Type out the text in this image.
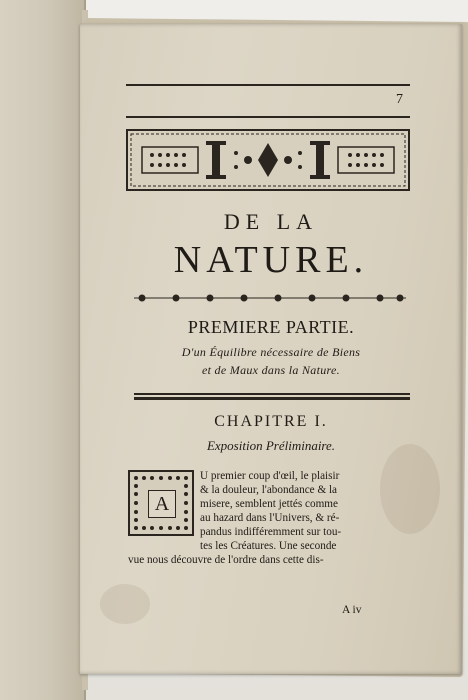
7
DE LA
NATURE.
PREMIERE PARTIE.
D'un Équilibre nécessaire de Biens
et de Maux dans la Nature.
CHAPITRE I.
Exposition Préliminaire.
A
U premier coup d'œil, le plaisir
& la douleur, l'abondance & la
misere, semblent jettés comme
au hazard dans l'Univers, & ré-
pandus indifféremment sur tou-
tes les Créatures. Une seconde
vue nous découvre de l'ordre dans cette dis-
A iv
